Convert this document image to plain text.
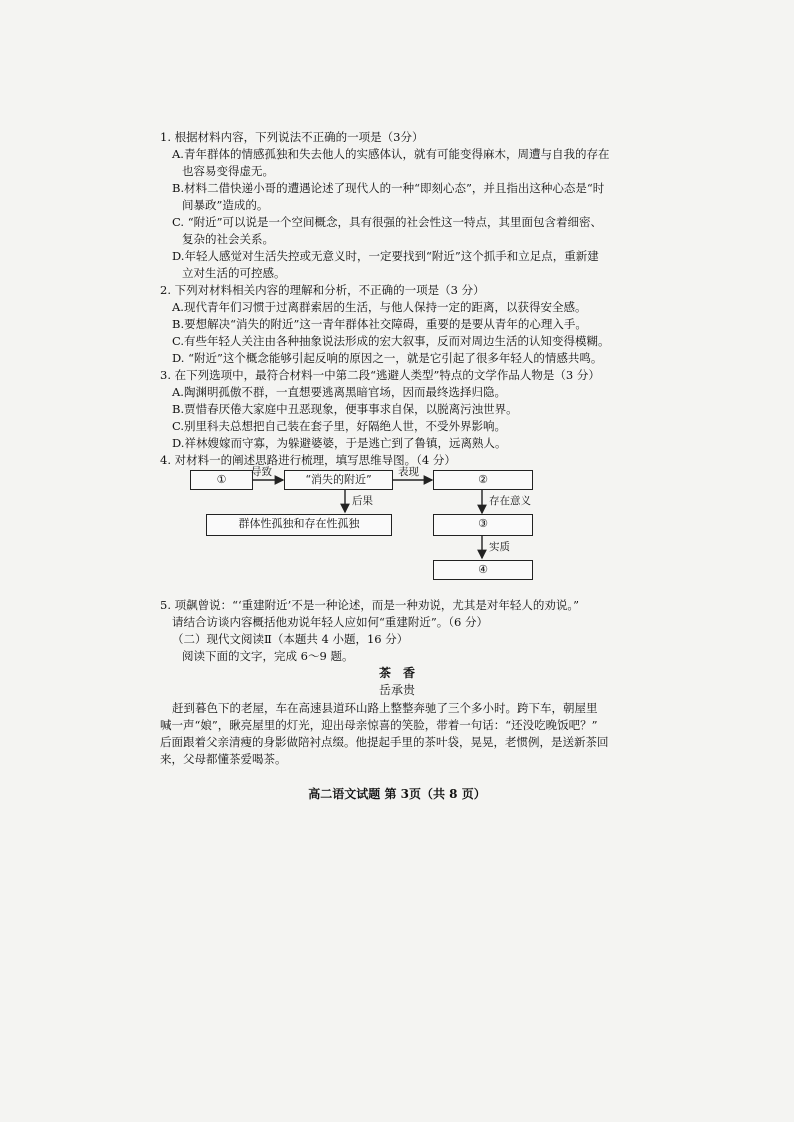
1. 根据材料内容，下列说法不正确的一项是（3分）
A.青年群体的情感孤独和失去他人的实感体认，就有可能变得麻木，周遭与自我的存在
也容易变得虚无。
B.材料二借快递小哥的遭遇论述了现代人的一种“即刻心态”，并且指出这种心态是“时
间暴政”造成的。
C. “附近”可以说是一个空间概念，具有很强的社会性这一特点，其里面包含着细密、
复杂的社会关系。
D.年轻人感觉对生活失控或无意义时，一定要找到“附近”这个抓手和立足点，重新建
立对生活的可控感。
2. 下列对材料相关内容的理解和分析，不正确的一项是（3 分）
A.现代青年们习惯于过离群索居的生活，与他人保持一定的距离，以获得安全感。
B.要想解决“消失的附近”这一青年群体社交障碍，重要的是要从青年的心理入手。
C.有些年轻人关注由各种抽象说法形成的宏大叙事，反而对周边生活的认知变得模糊。
D. “附近”这个概念能够引起反响的原因之一，就是它引起了很多年轻人的情感共鸣。
3. 在下列选项中，最符合材料一中第二段“逃避人类型”特点的文学作品人物是（3 分）
A.陶渊明孤傲不群，一直想要逃离黑暗官场，因而最终选择归隐。
B.贾惜春厌倦大家庭中丑恶现象，便事事求自保，以脱离污浊世界。
C.别里科夫总想把自己装在套子里，好隔绝人世，不受外界影响。
D.祥林嫂嫁而守寡，为躲避婆婆，于是逃亡到了鲁镇，远离熟人。
4. 对材料一的阐述思路进行梳理，填写思维导图。（4 分）
①	“消失的附近”	②
群体性孤独和存在性孤独	③
④
导致	表现
后果	存在意义
实质
5. 项飙曾说：“‘重建附近’不是一种论述，而是一种劝说，尤其是对年轻人的劝说。”
请结合访谈内容概括他劝说年轻人应如何“重建附近”。（6 分）
（二）现代文阅读Ⅱ（本题共 4 小题，16 分）
阅读下面的文字，完成 6～9 题。
茶　香
岳承贵
赶到暮色下的老屋，车在高速县道环山路上整整奔驰了三个多小时。跨下车，朝屋里
喊一声“娘”，瞅亮屋里的灯光，迎出母亲惊喜的笑脸，带着一句话：“还没吃晚饭吧？”
后面跟着父亲清瘦的身影做陪衬点缀。他提起手里的茶叶袋，晃晃，老惯例，是送新茶回
来，父母都懂茶爱喝茶。
高二语文试题 第 3页（共 8 页）
